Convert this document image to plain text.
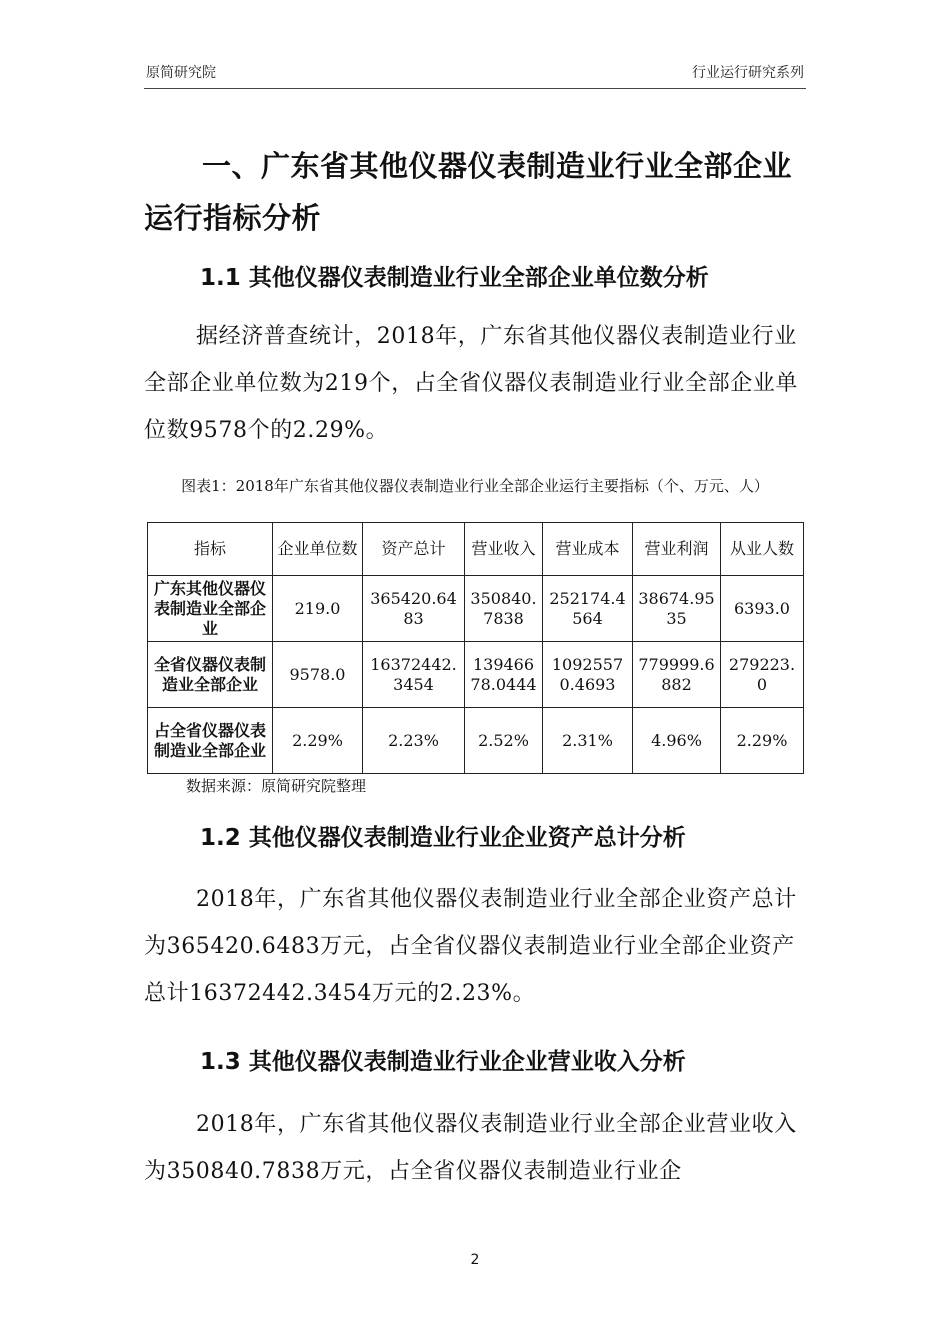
原简研究院	行业运行研究系列
一、广东省其他仪器仪表制造业行业全部企业运行指标分析
1.1 其他仪器仪表制造业行业全部企业单位数分析
据经济普查统计，2018年，广东省其他仪器仪表制造业行业全部企业单位数为219个，占全省仪器仪表制造业行业全部企业单位数9578个的2.29%。
图表1：2018年广东省其他仪器仪表制造业行业全部企业运行主要指标（个、万元、人）
指标	企业单位数	资产总计	营业收入	营业成本	营业利润	从业人数
广东其他仪器仪表制造业全部企业	219.0	365420.6483	350840.7838	252174.4564	38674.9535	6393.0
全省仪器仪表制造业全部企业	9578.0	16372442.3454	13946678.0444	10925570.4693	779999.6882	279223.0
占全省仪器仪表制造业全部企业	2.29%	2.23%	2.52%	2.31%	4.96%	2.29%
数据来源：原简研究院整理
1.2 其他仪器仪表制造业行业企业资产总计分析
2018年，广东省其他仪器仪表制造业行业全部企业资产总计为365420.6483万元，占全省仪器仪表制造业行业全部企业资产总计16372442.3454万元的2.23%。
1.3 其他仪器仪表制造业行业企业营业收入分析
2018年，广东省其他仪器仪表制造业行业全部企业营业收入为350840.7838万元，占全省仪器仪表制造业行业企
2
